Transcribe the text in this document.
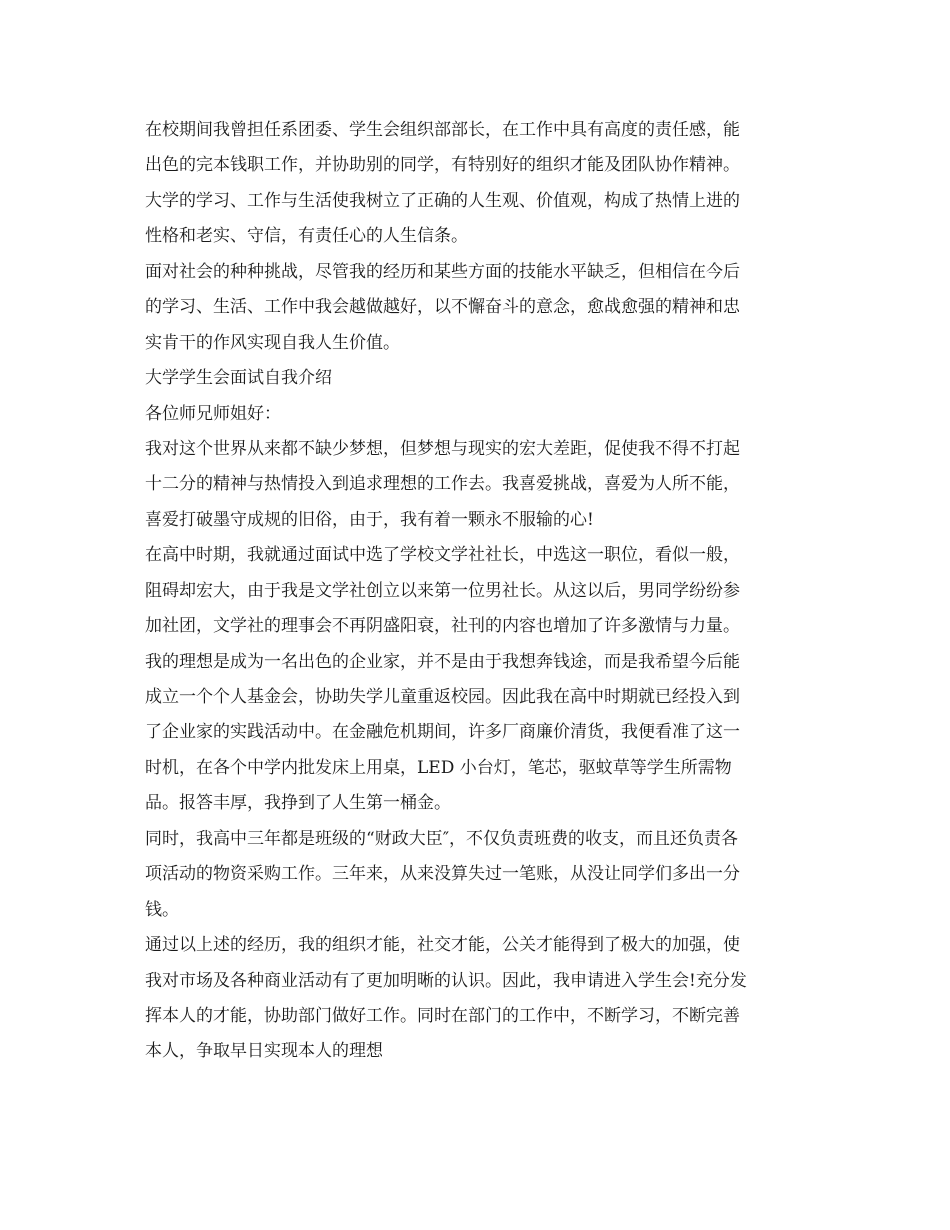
在校期间我曾担任系团委、学生会组织部部长，在工作中具有高度的责任感，能
出色的完本钱职工作，并协助别的同学，有特别好的组织才能及团队协作精神。
大学的学习、工作与生活使我树立了正确的人生观、价值观，构成了热情上进的
性格和老实、守信，有责任心的人生信条。
面对社会的种种挑战，尽管我的经历和某些方面的技能水平缺乏，但相信在今后
的学习、生活、工作中我会越做越好，以不懈奋斗的意念，愈战愈强的精神和忠
实肯干的作风实现自我人生价值。
大学学生会面试自我介绍
各位师兄师姐好：
我对这个世界从来都不缺少梦想，但梦想与现实的宏大差距，促使我不得不打起
十二分的精神与热情投入到追求理想的工作去。我喜爱挑战，喜爱为人所不能，
喜爱打破墨守成规的旧俗，由于，我有着一颗永不服输的心!
在高中时期，我就通过面试中选了学校文学社社长，中选这一职位，看似一般，
阻碍却宏大，由于我是文学社创立以来第一位男社长。从这以后，男同学纷纷参
加社团，文学社的理事会不再阴盛阳衰，社刊的内容也增加了许多激情与力量。
我的理想是成为一名出色的企业家，并不是由于我想奔钱途，而是我希望今后能
成立一个个人基金会，协助失学儿童重返校园。因此我在高中时期就已经投入到
了企业家的实践活动中。在金融危机期间，许多厂商廉价清货，我便看准了这一
时机，在各个中学内批发床上用桌，LED 小台灯，笔芯，驱蚊草等学生所需物
品。报答丰厚，我挣到了人生第一桶金。
同时，我高中三年都是班级的“财政大臣″，不仅负责班费的收支，而且还负责各
项活动的物资采购工作。三年来，从来没算失过一笔账，从没让同学们多出一分
钱。
通过以上述的经历，我的组织才能，社交才能，公关才能得到了极大的加强，使
我对市场及各种商业活动有了更加明晰的认识。因此，我申请进入学生会!充分发
挥本人的才能，协助部门做好工作。同时在部门的工作中，不断学习，不断完善
本人，争取早日实现本人的理想
